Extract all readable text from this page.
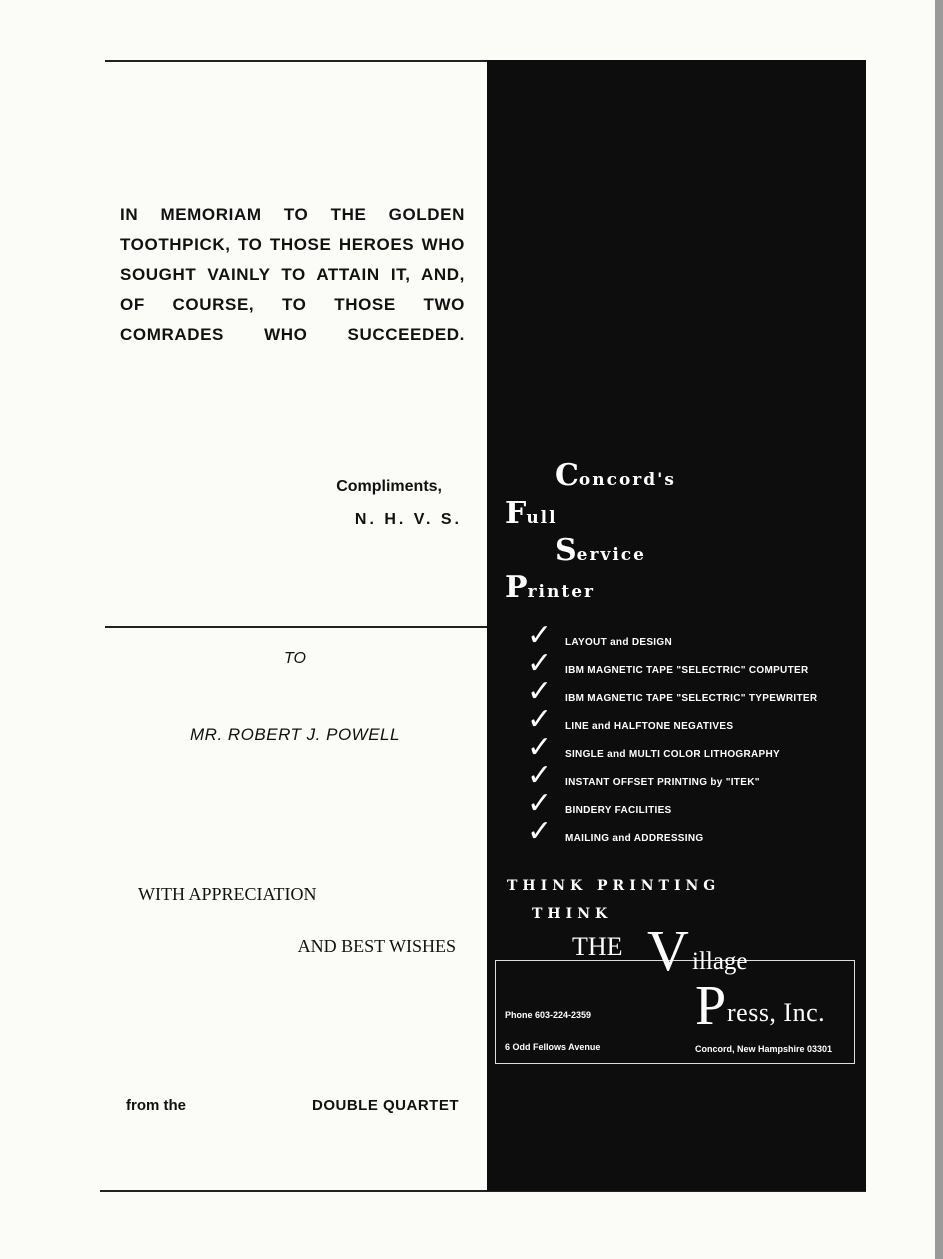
IN MEMORIAM TO THE GOLDEN TOOTHPICK, TO THOSE HEROES WHO SOUGHT VAINLY TO ATTAIN IT, AND, OF COURSE, TO THOSE TWO COMRADES WHO SUCCEEDED.
Compliments,
N. H. V. S.
TO
MR. ROBERT J. POWELL
WITH APPRECIATION
AND BEST WISHES
from the	DOUBLE QUARTET
Concord's
Full
Service
Printer
✓ LAYOUT and DESIGN
✓ IBM MAGNETIC TAPE "SELECTRIC" COMPUTER
✓ IBM MAGNETIC TAPE "SELECTRIC" TYPEWRITER
✓ LINE and HALFTONE NEGATIVES
✓ SINGLE and MULTI COLOR LITHOGRAPHY
✓ INSTANT OFFSET PRINTING by "ITEK"
✓ BINDERY FACILITIES
✓ MAILING and ADDRESSING
THINK PRINTING
THINK
THE V illage
P ress, Inc.
Phone 603-224-2359
6 Odd Fellows Avenue	Concord, New Hampshire 03301
